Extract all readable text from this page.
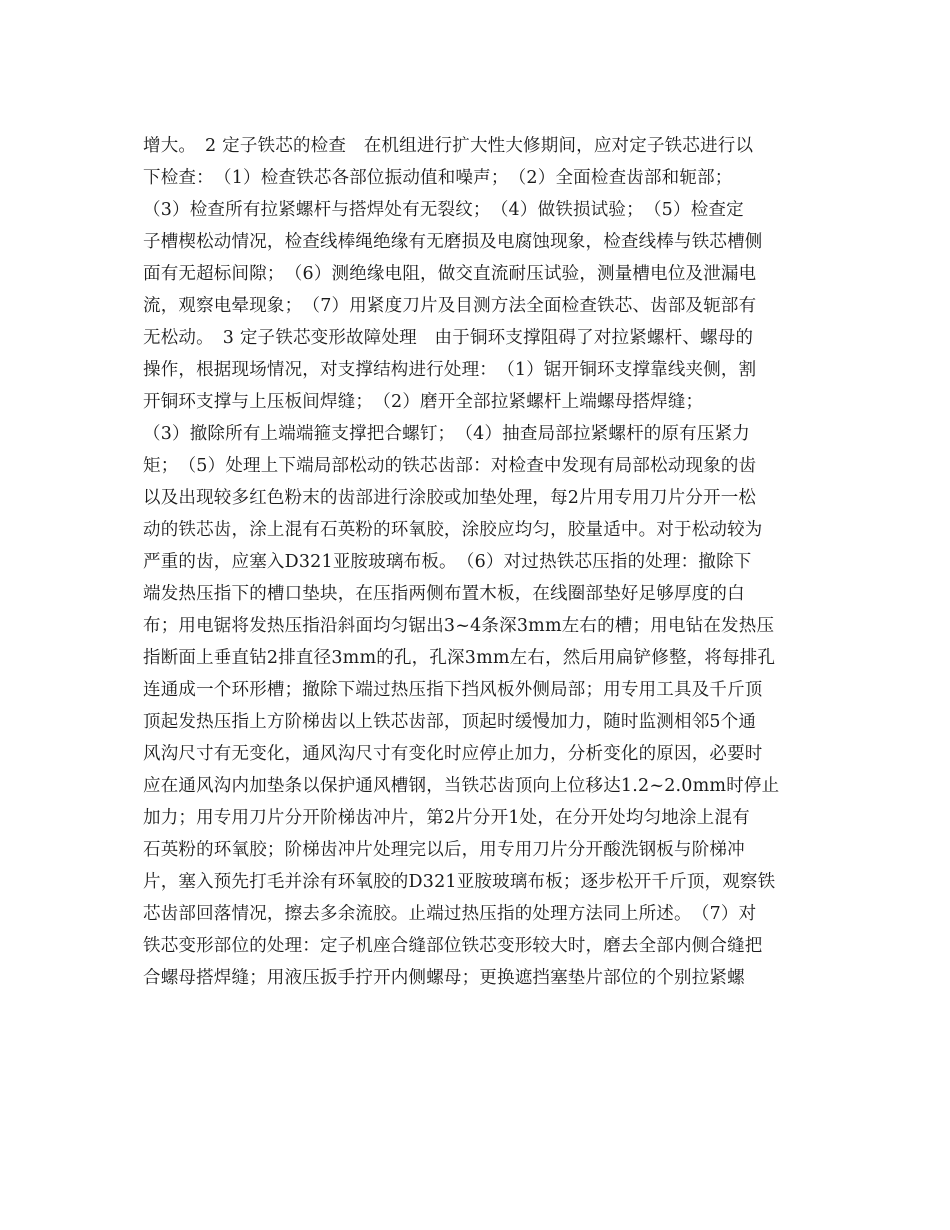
增大。　2 定子铁芯的检查　在机组进行扩大性大修期间，应对定子铁芯进行以
下检查：　（1）检查铁芯各部位振动值和噪声；　（2）全面检查齿部和轭部；
（3）检查所有拉紧螺杆与搭焊处有无裂纹；　（4）做铁损试验；　（5）检查定
子槽楔松动情况，检查线棒绳绝缘有无磨损及电腐蚀现象，检查线棒与铁芯槽侧
面有无超标间隙；　（6）测绝缘电阻，做交直流耐压试验，测量槽电位及泄漏电
流，观察电晕现象；　（7）用紧度刀片及目测方法全面检查铁芯、齿部及轭部有
无松动。　3 定子铁芯变形故障处理　由于铜环支撑阻碍了对拉紧螺杆、螺母的
操作，根据现场情况，对支撑结构进行处理：　（1）锯开铜环支撑靠线夹侧，割
开铜环支撑与上压板间焊缝；　（2）磨开全部拉紧螺杆上端螺母搭焊缝；
（3）撤除所有上端端箍支撑把合螺钉；　（4）抽查局部拉紧螺杆的原有压紧力
矩；　（5）处理上下端局部松动的铁芯齿部：对检查中发现有局部松动现象的齿
以及出现较多红色粉末的齿部进行涂胶或加垫处理，每2片用专用刀片分开一松
动的铁芯齿，涂上混有石英粉的环氧胶，涂胶应均匀，胶量适中。对于松动较为
严重的齿，应塞入D321亚胺玻璃布板。　（6）对过热铁芯压指的处理：撤除下
端发热压指下的槽口垫块，在压指两侧布置木板，在线圈部垫好足够厚度的白
布；用电锯将发热压指沿斜面均匀锯出3~4条深3mm左右的槽；用电钻在发热压
指断面上垂直钻2排直径3mm的孔，孔深3mm左右，然后用扁铲修整，将每排孔
连通成一个环形槽；撤除下端过热压指下挡风板外侧局部；用专用工具及千斤顶
顶起发热压指上方阶梯齿以上铁芯齿部，顶起时缓慢加力，随时监测相邻5个通
风沟尺寸有无变化，通风沟尺寸有变化时应停止加力，分析变化的原因，必要时
应在通风沟内加垫条以保护通风槽钢，当铁芯齿顶向上位移达1.2~2.0mm时停止
加力；用专用刀片分开阶梯齿冲片，第2片分开1处，在分开处均匀地涂上混有
石英粉的环氧胶；阶梯齿冲片处理完以后，用专用刀片分开酸洗钢板与阶梯冲
片，塞入预先打毛并涂有环氧胶的D321亚胺玻璃布板；逐步松开千斤顶，观察铁
芯齿部回落情况，擦去多余流胶。止端过热压指的处理方法同上所述。　（7）对
铁芯变形部位的处理：定子机座合缝部位铁芯变形较大时，磨去全部内侧合缝把
合螺母搭焊缝；用液压扳手拧开内侧螺母；更换遮挡塞垫片部位的个别拉紧螺
